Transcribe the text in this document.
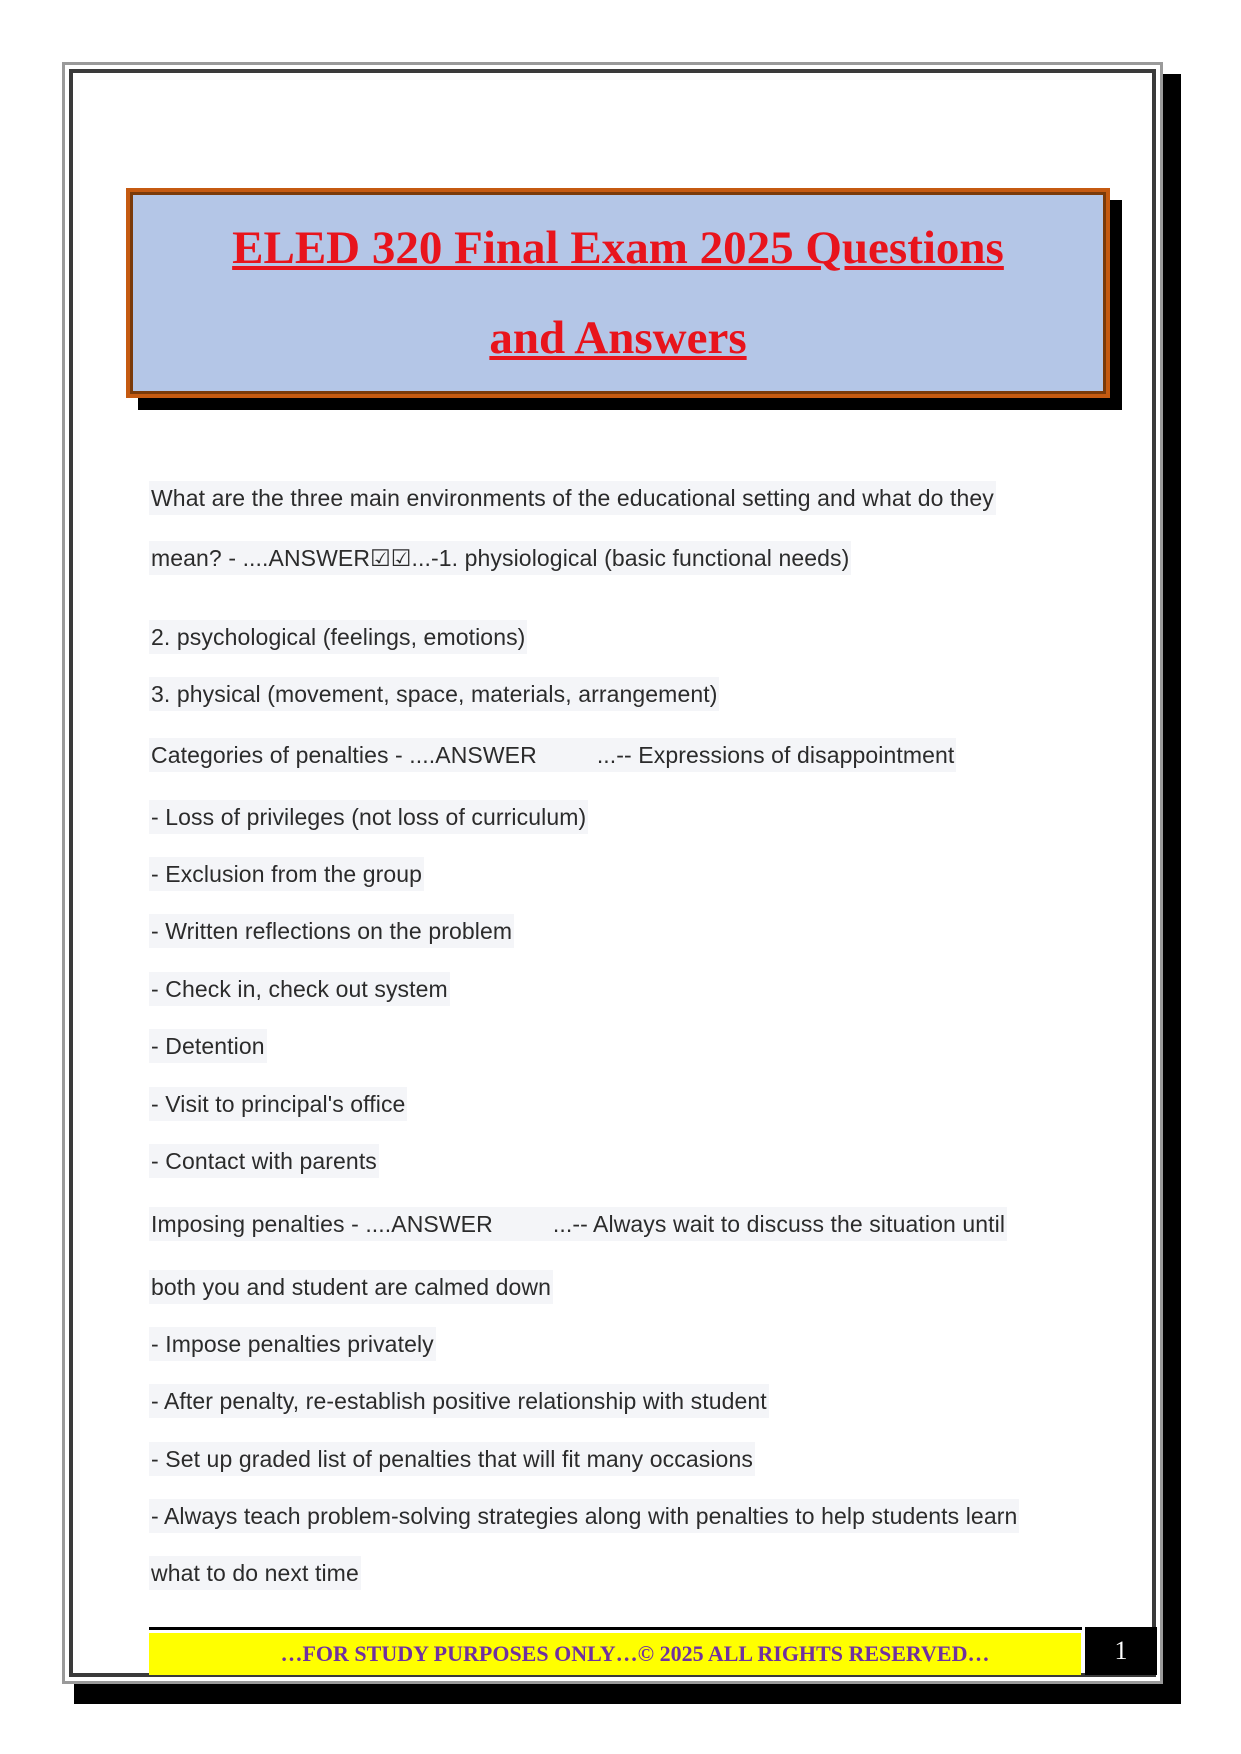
ELED 320 Final Exam 2025 Questions
and Answers
What are the three main environments of the educational setting and what do they
mean? - ....ANSWER☑☑...-1. physiological (basic functional needs)
2. psychological (feelings, emotions)
3. physical (movement, space, materials, arrangement)
Categories of penalties - ....ANSWER	...-- Expressions of disappointment
- Loss of privileges (not loss of curriculum)
- Exclusion from the group
- Written reflections on the problem
- Check in, check out system
- Detention
- Visit to principal's office
- Contact with parents
Imposing penalties - ....ANSWER	...-- Always wait to discuss the situation until
both you and student are calmed down
- Impose penalties privately
- After penalty, re-establish positive relationship with student
- Set up graded list of penalties that will fit many occasions
- Always teach problem-solving strategies along with penalties to help students learn
what to do next time
…FOR STUDY PURPOSES ONLY…© 2025 ALL RIGHTS RESERVED…	1
